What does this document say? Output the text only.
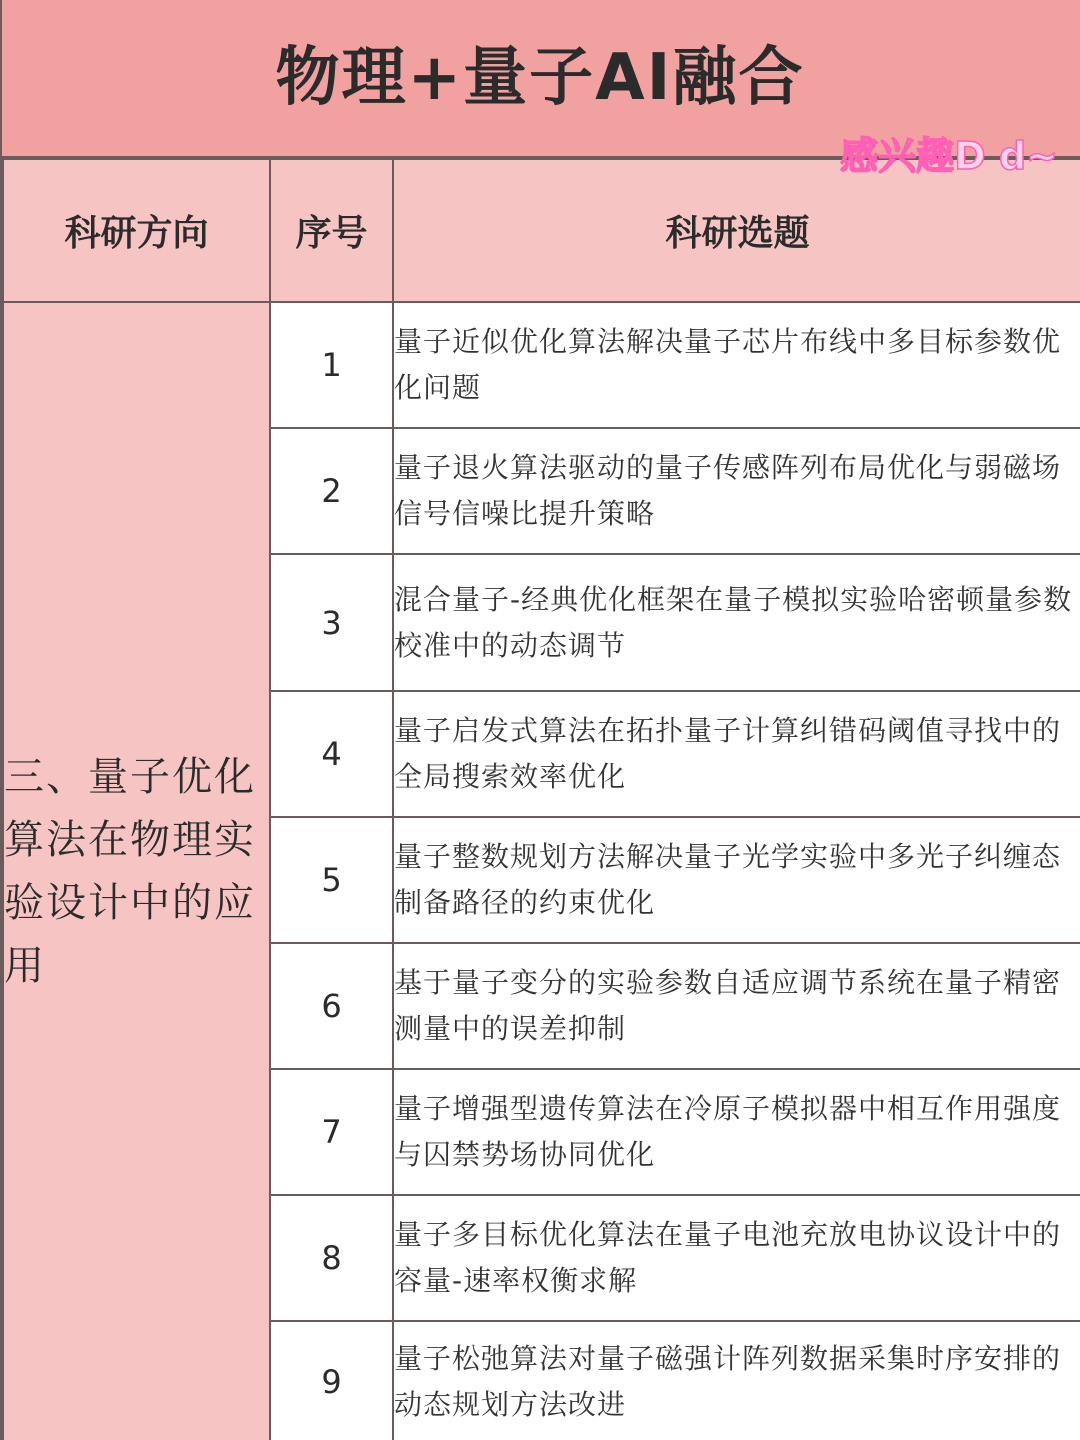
物理+量子AI融合
感兴趣D d~
科研方向	序号	科研选题
三、量子优化算法在物理实验设计中的应用	1	量子近似优化算法解决量子芯片布线中多目标参数优化问题
	2	量子退火算法驱动的量子传感阵列布局优化与弱磁场信号信噪比提升策略
	3	混合量子-经典优化框架在量子模拟实验哈密顿量参数校准中的动态调节
	4	量子启发式算法在拓扑量子计算纠错码阈值寻找中的全局搜索效率优化
	5	量子整数规划方法解决量子光学实验中多光子纠缠态制备路径的约束优化
	6	基于量子变分的实验参数自适应调节系统在量子精密测量中的误差抑制
	7	量子增强型遗传算法在冷原子模拟器中相互作用强度与囚禁势场协同优化
	8	量子多目标优化算法在量子电池充放电协议设计中的容量-速率权衡求解
	9	量子松弛算法对量子磁强计阵列数据采集时序安排的动态规划方法改进
